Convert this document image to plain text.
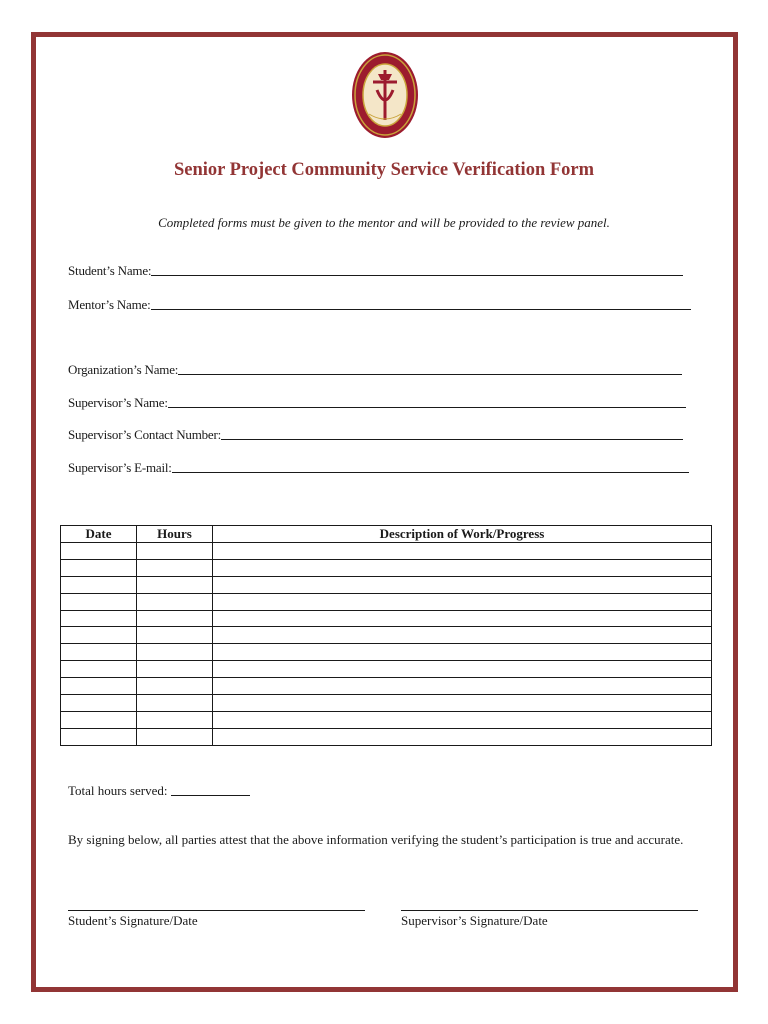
Senior Project Community Service Verification Form
Completed forms must be given to the mentor and will be provided to the review panel.
Student’s Name:
Mentor’s Name:
Organization’s Name:
Supervisor’s Name:
Supervisor’s Contact Number:
Supervisor’s E-mail:
Date	Hours	Description of Work/Progress

Total hours served:
By signing below, all parties attest that the above information verifying the student’s participation is true and accurate.
Student’s Signature/Date	Supervisor’s Signature/Date
